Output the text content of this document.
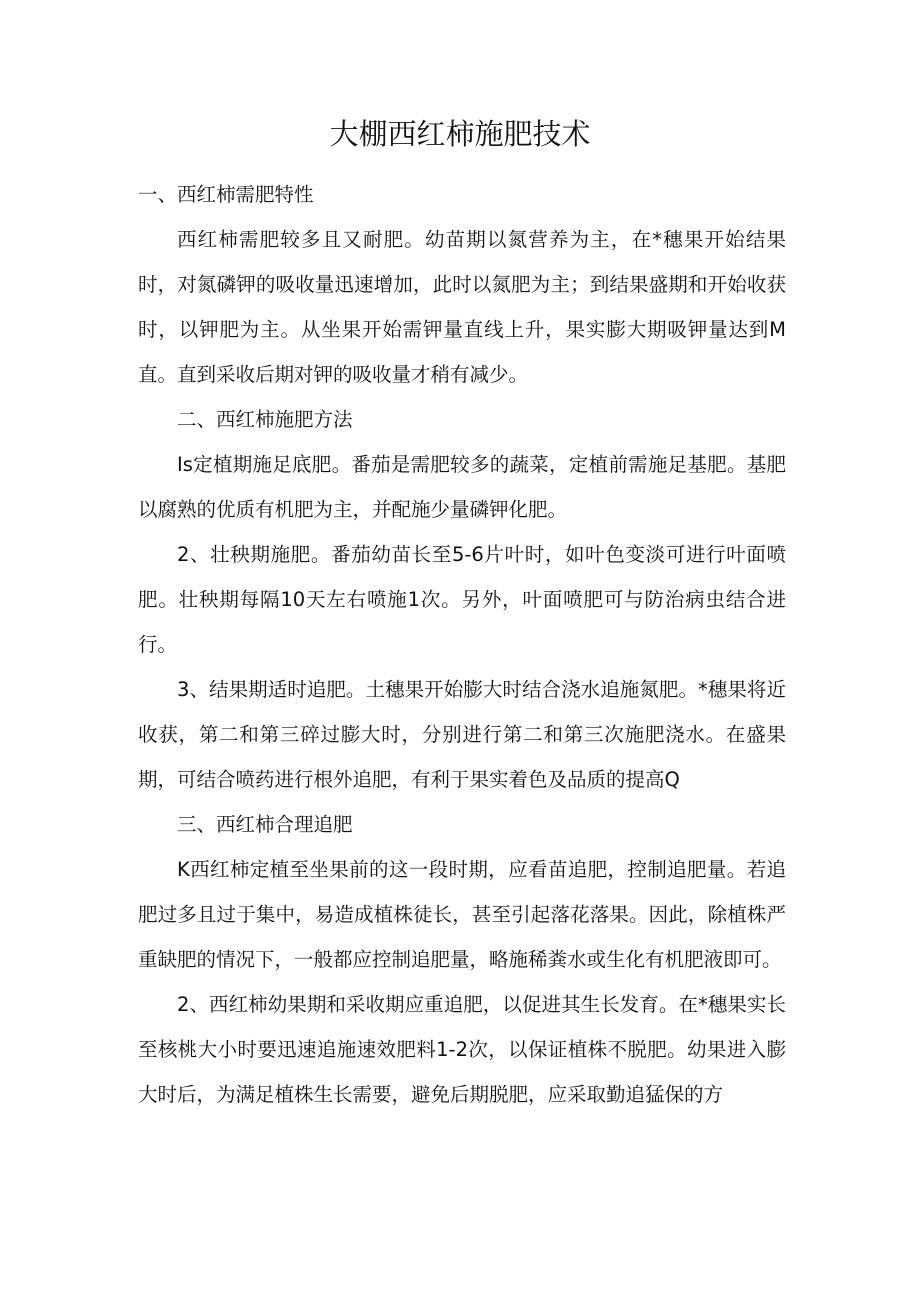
大棚西红柿施肥技术

一、西红柿需肥特性

西红柿需肥较多且又耐肥。幼苗期以氮营养为主，在*穗果开始结果时，对氮磷钾的吸收量迅速增加，此时以氮肥为主；到结果盛期和开始收获时，以钾肥为主。从坐果开始需钾量直线上升，果实膨大期吸钾量达到M直。直到采收后期对钾的吸收量才稍有减少。

二、西红柿施肥方法

Is定植期施足底肥。番茄是需肥较多的蔬菜，定植前需施足基肥。基肥以腐熟的优质有机肥为主，并配施少量磷钾化肥。

2、壮秧期施肥。番茄幼苗长至5-6片叶时，如叶色变淡可进行叶面喷肥。壮秧期每隔10天左右喷施1次。另外，叶面喷肥可与防治病虫结合进行。

3、结果期适时追肥。土穗果开始膨大时结合浇水追施氮肥。*穗果将近收获，第二和第三碎过膨大时，分别进行第二和第三次施肥浇水。在盛果期，可结合喷药进行根外追肥，有利于果实着色及品质的提高Q

三、西红柿合理追肥

K西红柿定植至坐果前的这一段时期，应看苗追肥，控制追肥量。若追肥过多且过于集中，易造成植株徒长，甚至引起落花落果。因此，除植株严重缺肥的情况下，一般都应控制追肥量，略施稀粪水或生化有机肥液即可。

2、西红柿幼果期和采收期应重追肥，以促进其生长发育。在*穗果实长至核桃大小时要迅速追施速效肥料1-2次，以保证植株不脱肥。幼果进入膨大时后，为满足植株生长需要，避免后期脱肥，应采取勤追猛保的方
